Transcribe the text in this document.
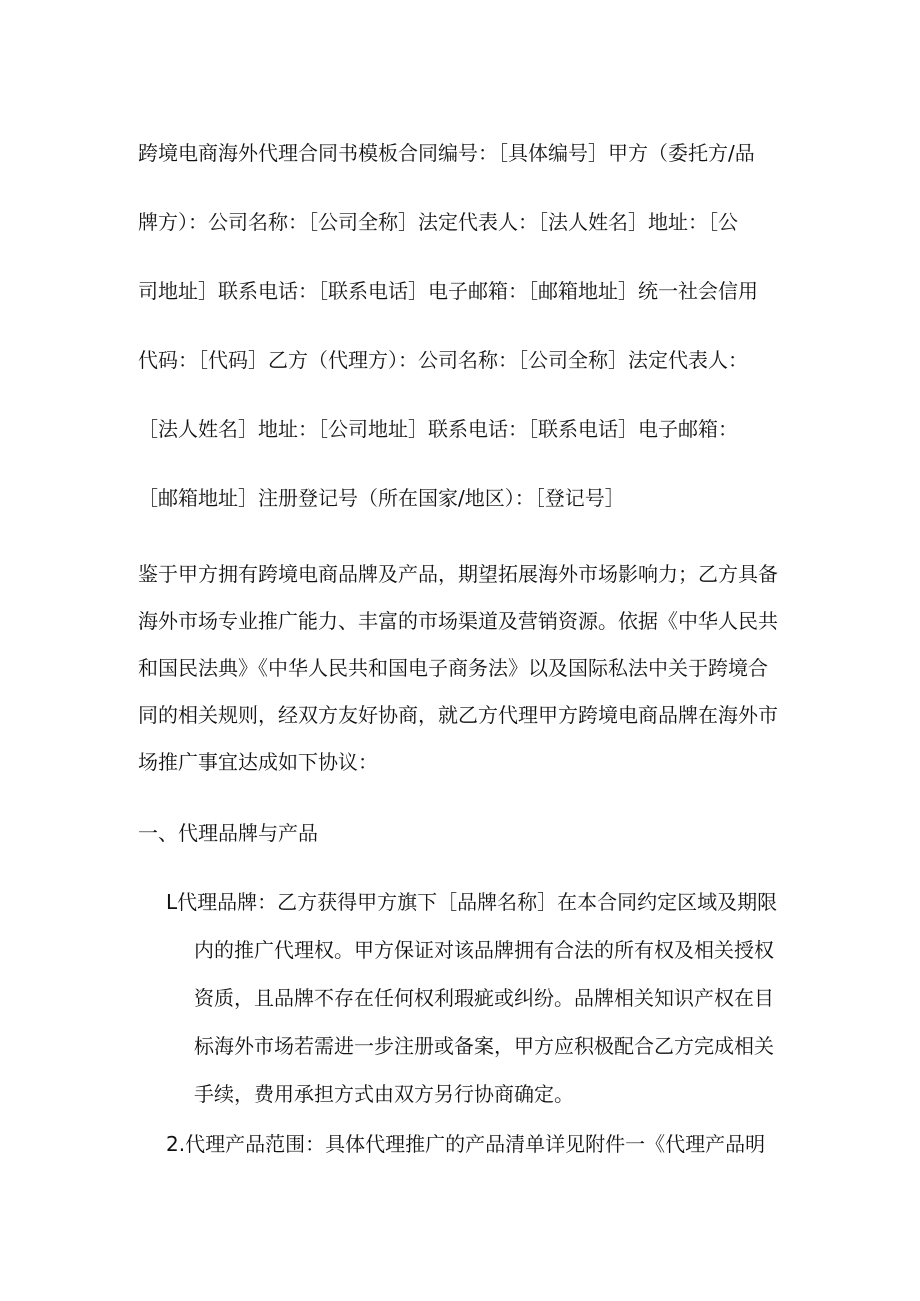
跨境电商海外代理合同书模板合同编号：［具体编号］甲方（委托方/品
牌方）：公司名称：［公司全称］法定代表人：［法人姓名］地址：［公
司地址］联系电话：［联系电话］电子邮箱：［邮箱地址］统一社会信用
代码：［代码］乙方（代理方）：公司名称：［公司全称］法定代表人：
［法人姓名］地址：［公司地址］联系电话：［联系电话］电子邮箱：
［邮箱地址］注册登记号（所在国家/地区）：［登记号］
鉴于甲方拥有跨境电商品牌及产品，期望拓展海外市场影响力；乙方具备
海外市场专业推广能力、丰富的市场渠道及营销资源。依据《中华人民共
和国民法典》《中华人民共和国电子商务法》以及国际私法中关于跨境合
同的相关规则，经双方友好协商，就乙方代理甲方跨境电商品牌在海外市
场推广事宜达成如下协议：
一、代理品牌与产品
L代理品牌：乙方获得甲方旗下［品牌名称］在本合同约定区域及期限
内的推广代理权。甲方保证对该品牌拥有合法的所有权及相关授权
资质，且品牌不存在任何权利瑕疵或纠纷。品牌相关知识产权在目
标海外市场若需进一步注册或备案，甲方应积极配合乙方完成相关
手续，费用承担方式由双方另行协商确定。
2.代理产品范围：具体代理推广的产品清单详见附件一《代理产品明
